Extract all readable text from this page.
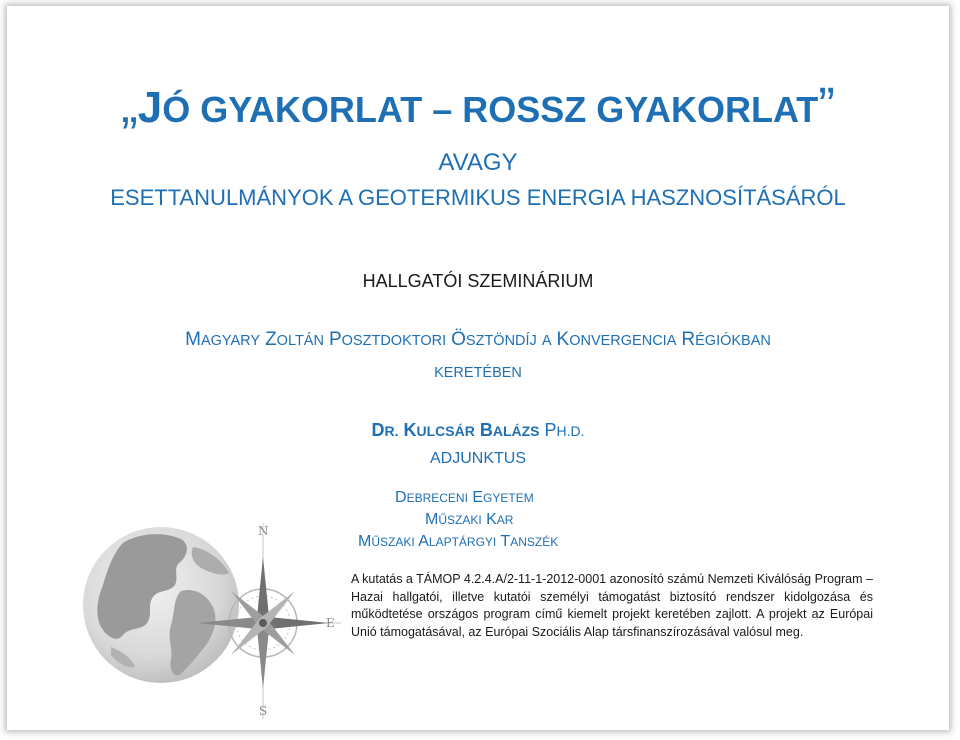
„JÓ GYAKORLAT – ROSSZ GYAKORLAT”
AVAGY
ESETTANULMÁNYOK A GEOTERMIKUS ENERGIA HASZNOSÍTÁSÁRÓL
HALLGATÓI SZEMINÁRIUM
MAGYARY ZOLTÁN POSZTDOKTORI ÖSZTÖNDÍJ A KONVERGENCIA RÉGIÓKBAN
KERETÉBEN
DR. KULCSÁR BALÁZS PH.D.
ADJUNKTUS
DEBRECENI EGYETEM
MŰSZAKI KAR
MŰSZAKI ALAPTÁRGYI TANSZÉK
A kutatás a TÁMOP 4.2.4.A/2-11-1-2012-0001 azonosító számú Nemzeti Kiválóság Program – Hazai hallgatói, illetve kutatói személyi támogatást biztosító rendszer kidolgozása és működtetése országos program című kiemelt projekt keretében zajlott. A projekt az Európai Unió támogatásával, az Európai Szociális Alap társfinanszírozásával valósul meg.
N
E
S
